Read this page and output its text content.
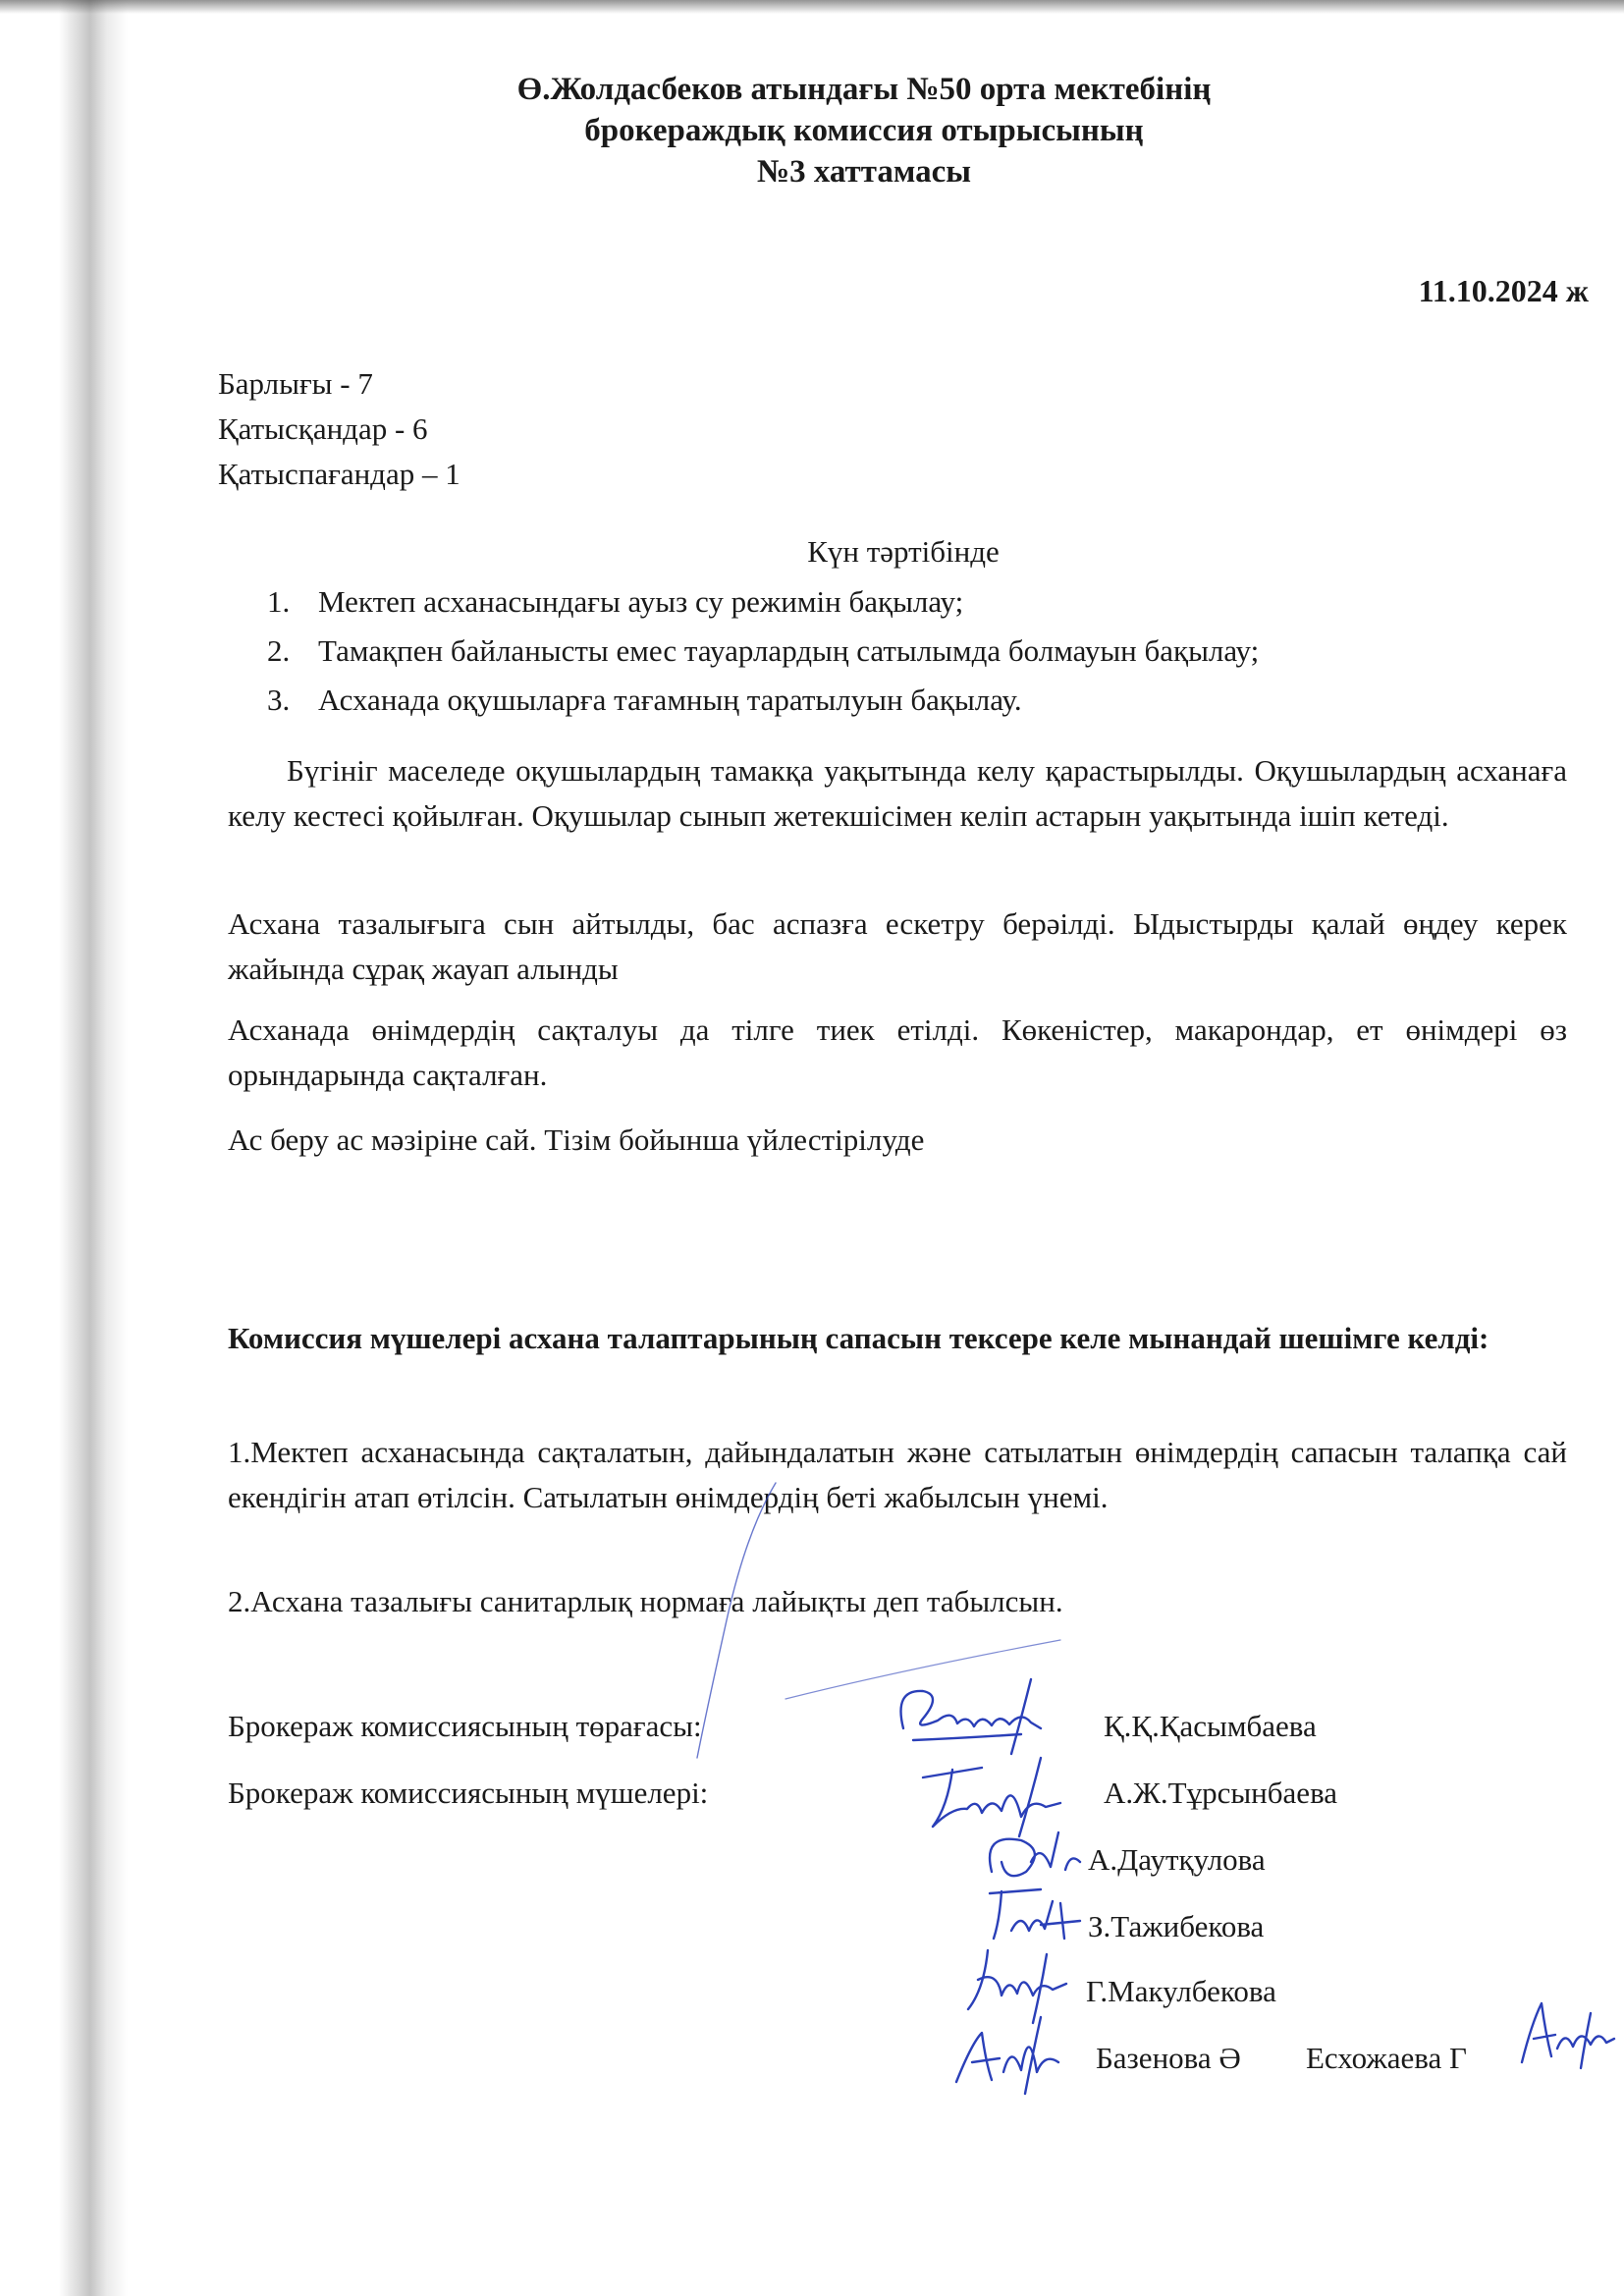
Ө.Жолдасбеков атындағы №50 орта мектебінің
брокераждық комиссия отырысының
№3 хаттамасы
11.10.2024 ж
Барлығы - 7
Қатысқандар - 6
Қатыспағандар – 1
Күн тәртібінде
1. Мектеп асханасындағы ауыз су режимін бақылау;
2. Тамақпен байланысты емес тауарлардың сатылымда болмауын бақылау;
3. Асханада оқушыларға тағамның таратылуын бақылау.
Бүгініг маселеде оқушылардың тамакқа уақытында келу қарастырылды. Оқушылардың асханаға келу кестесі қойылған. Оқушылар сынып жетекшісімен келіп астарын уақытында ішіп кетеді.
Асхана тазалығыга сын айтылды, бас аспазға ескетру берәілді. Ыдыстырды қалай өңдеу керек жайында сұрақ жауап алынды
Асханада өнімдердің сақталуы да тілге тиек етілді. Көкеністер, макарондар, ет өнімдері өз орындарында сақталған.
Ас беру ас мәзіріне сай. Тізім бойынша үйлестірілуде
Комиссия мүшелері асхана талаптарының сапасын тексере келе мынандай шешімге келді:
1.Мектеп асханасында сақталатын, дайындалатын және сатылатын өнімдердің сапасын талапқа сай екендігін атап өтілсін. Сатылатын өнімдердің беті жабылсын үнемі.
2.Асхана тазалығы санитарлық нормаға лайықты деп табылсын.
Брокераж комиссиясының төрағасы:	Қ.Қ.Қасымбаева
Брокераж комиссиясының мүшелері:	А.Ж.Тұрсынбаева
А.Даутқулова
З.Тажибекова
Г.Макулбекова
Базенова Ә Есхожаева Г
